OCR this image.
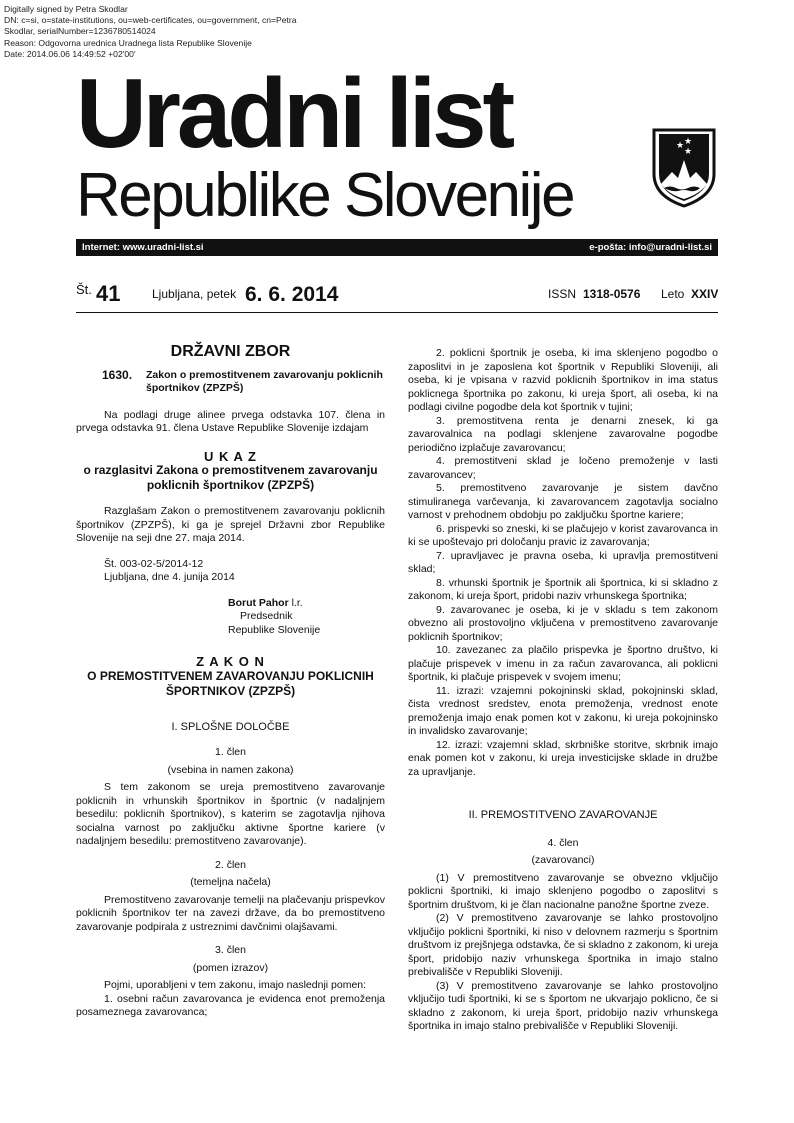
Digitally signed by Petra Skodlar
DN: c=si, o=state-institutions, ou=web-certificates, ou=government, cn=Petra
Skodlar, serialNumber=1236780514024
Reason: Odgovorna urednica Uradnega lista Republike Slovenije
Date: 2014.06.06 14:49:52 +02'00'
Uradni list
Republike Slovenije
★ ★
★
Internet: www.uradni-list.si	e-pošta: info@uradni-list.si
Št. 41	Ljubljana, petek 6. 6. 2014	ISSN 1318-0576 Leto XXIV
DRŽAVNI ZBOR
1630. Zakon o premostitvenem zavarovanju poklicnih športnikov (ZPZPŠ)

Na podlagi druge alinee prvega odstavka 107. člena in prvega odstavka 91. člena Ustave Republike Slovenije izdajam

U K A Z
o razglasitvi Zakona o premostitvenem zavarovanju poklicnih športnikov (ZPZPŠ)

Razglašam Zakon o premostitvenem zavarovanju poklicnih športnikov (ZPZPŠ), ki ga je sprejel Državni zbor Republike Slovenije na seji dne 27. maja 2014.

Št. 003-02-5/2014-12

Ljubljana, dne 4. junija 2014

Borut Pahor l.r.
Predsednik
Republike Slovenije
Z A K O N
O PREMOSTITVENEM ZAVAROVANJU POKLICNIH ŠPORTNIKOV (ZPZPŠ)
I. SPLOŠNE DOLOČBE
1. člen
(vsebina in namen zakona)

S tem zakonom se ureja premostitveno zavarovanje poklicnih in vrhunskih športnikov in športnic (v nadaljnjem besedilu: poklicnih športnikov), s katerim se zagotavlja njihova socialna varnost po zaključku aktivne športne kariere (v nadaljnjem besedilu: premostitveno zavarovanje).

2. člen
(temeljna načela)

Premostitveno zavarovanje temelji na plačevanju prispevkov poklicnih športnikov ter na zavezi države, da bo premostitveno zavarovanje podpirala z ustreznimi davčnimi olajšavami.

3. člen
(pomen izrazov)

Pojmi, uporabljeni v tem zakonu, imajo naslednji pomen:

1. osebni račun zavarovanca je evidenca enot premoženja posameznega zavarovanca;

2. poklicni športnik je oseba, ki ima sklenjeno pogodbo o zaposlitvi in je zaposlena kot športnik v Republiki Sloveniji, ali oseba, ki je vpisana v razvid poklicnih športnikov in ima status poklicnega športnika po zakonu, ki ureja šport, ali oseba, ki na podlagi civilne pogodbe dela kot športnik v tujini;

3. premostitvena renta je denarni znesek, ki ga zavarovalnica na podlagi sklenjene zavarovalne pogodbe periodično izplačuje zavarovancu;

4. premostitveni sklad je ločeno premoženje v lasti zavarovancev;

5. premostitveno zavarovanje je sistem davčno stimuliranega varčevanja, ki zavarovancem zagotavlja socialno varnost v prehodnem obdobju po zaključku športne kariere;

6. prispevki so zneski, ki se plačujejo v korist zavarovanca in ki se upoštevajo pri določanju pravic iz zavarovanja;

7. upravljavec je pravna oseba, ki upravlja premostitveni sklad;

8. vrhunski športnik je športnik ali športnica, ki si skladno z zakonom, ki ureja šport, pridobi naziv vrhunskega športnika;

9. zavarovanec je oseba, ki je v skladu s tem zakonom obvezno ali prostovoljno vključena v premostitveno zavarovanje poklicnih športnikov;

10. zavezanec za plačilo prispevka je športno društvo, ki plačuje prispevek v imenu in za račun zavarovanca, ali poklicni športnik, ki plačuje prispevek v svojem imenu;

11. izrazi: vzajemni pokojninski sklad, pokojninski sklad, čista vrednost sredstev, enota premoženja, vrednost enote premoženja imajo enak pomen kot v zakonu, ki ureja pokojninsko in invalidsko zavarovanje;

12. izrazi: vzajemni sklad, skrbniške storitve, skrbnik imajo enak pomen kot v zakonu, ki ureja investicijske sklade in družbe za upravljanje.

II. PREMOSTITVENO ZAVAROVANJE
4. člen
(zavarovanci)

(1) V premostitveno zavarovanje se obvezno vključijo poklicni športniki, ki imajo sklenjeno pogodbo o zaposlitvi s športnim društvom, ki je član nacionalne panožne športne zveze.

(2) V premostitveno zavarovanje se lahko prostovoljno vključijo poklicni športniki, ki niso v delovnem razmerju s športnim društvom iz prejšnjega odstavka, če si skladno z zakonom, ki ureja šport, pridobijo naziv vrhunskega športnika in imajo stalno prebivališče v Republiki Sloveniji.

(3) V premostitveno zavarovanje se lahko prostovoljno vključijo tudi športniki, ki se s športom ne ukvarjajo poklicno, če si skladno z zakonom, ki ureja šport, pridobijo naziv vrhunskega športnika in imajo stalno prebivališče v Republiki Sloveniji.
